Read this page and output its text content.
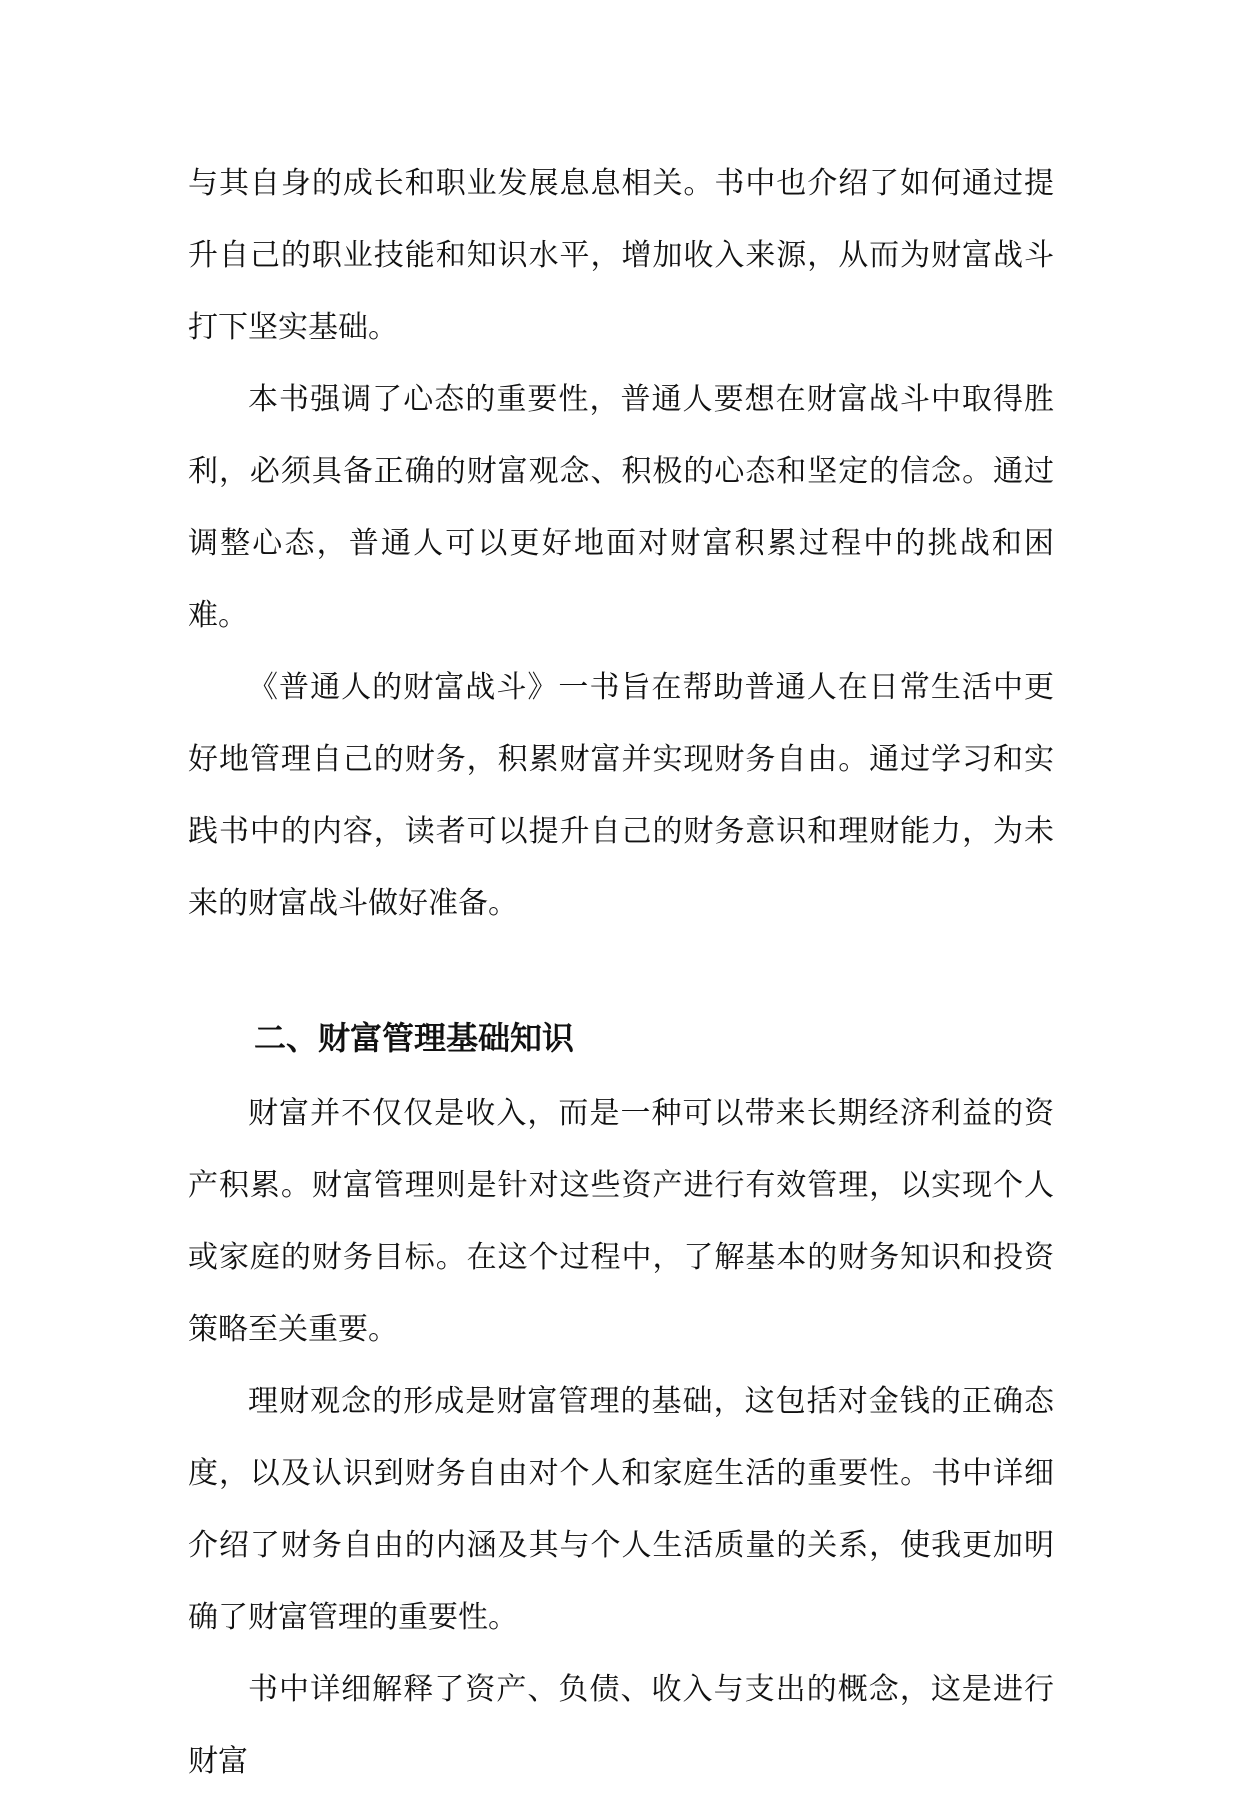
与其自身的成长和职业发展息息相关。书中也介绍了如何通过提升自己的职业技能和知识水平，增加收入来源，从而为财富战斗打下坚实基础。

本书强调了心态的重要性，普通人要想在财富战斗中取得胜利，必须具备正确的财富观念、积极的心态和坚定的信念。通过调整心态，普通人可以更好地面对财富积累过程中的挑战和困难。

《普通人的财富战斗》一书旨在帮助普通人在日常生活中更好地管理自己的财务，积累财富并实现财务自由。通过学习和实践书中的内容，读者可以提升自己的财务意识和理财能力，为未来的财富战斗做好准备。

二、财富管理基础知识

财富并不仅仅是收入，而是一种可以带来长期经济利益的资产积累。财富管理则是针对这些资产进行有效管理，以实现个人或家庭的财务目标。在这个过程中，了解基本的财务知识和投资策略至关重要。

理财观念的形成是财富管理的基础，这包括对金钱的正确态度，以及认识到财务自由对个人和家庭生活的重要性。书中详细介绍了财务自由的内涵及其与个人生活质量的关系，使我更加明确了财富管理的重要性。

书中详细解释了资产、负债、收入与支出的概念，这是进行财富
